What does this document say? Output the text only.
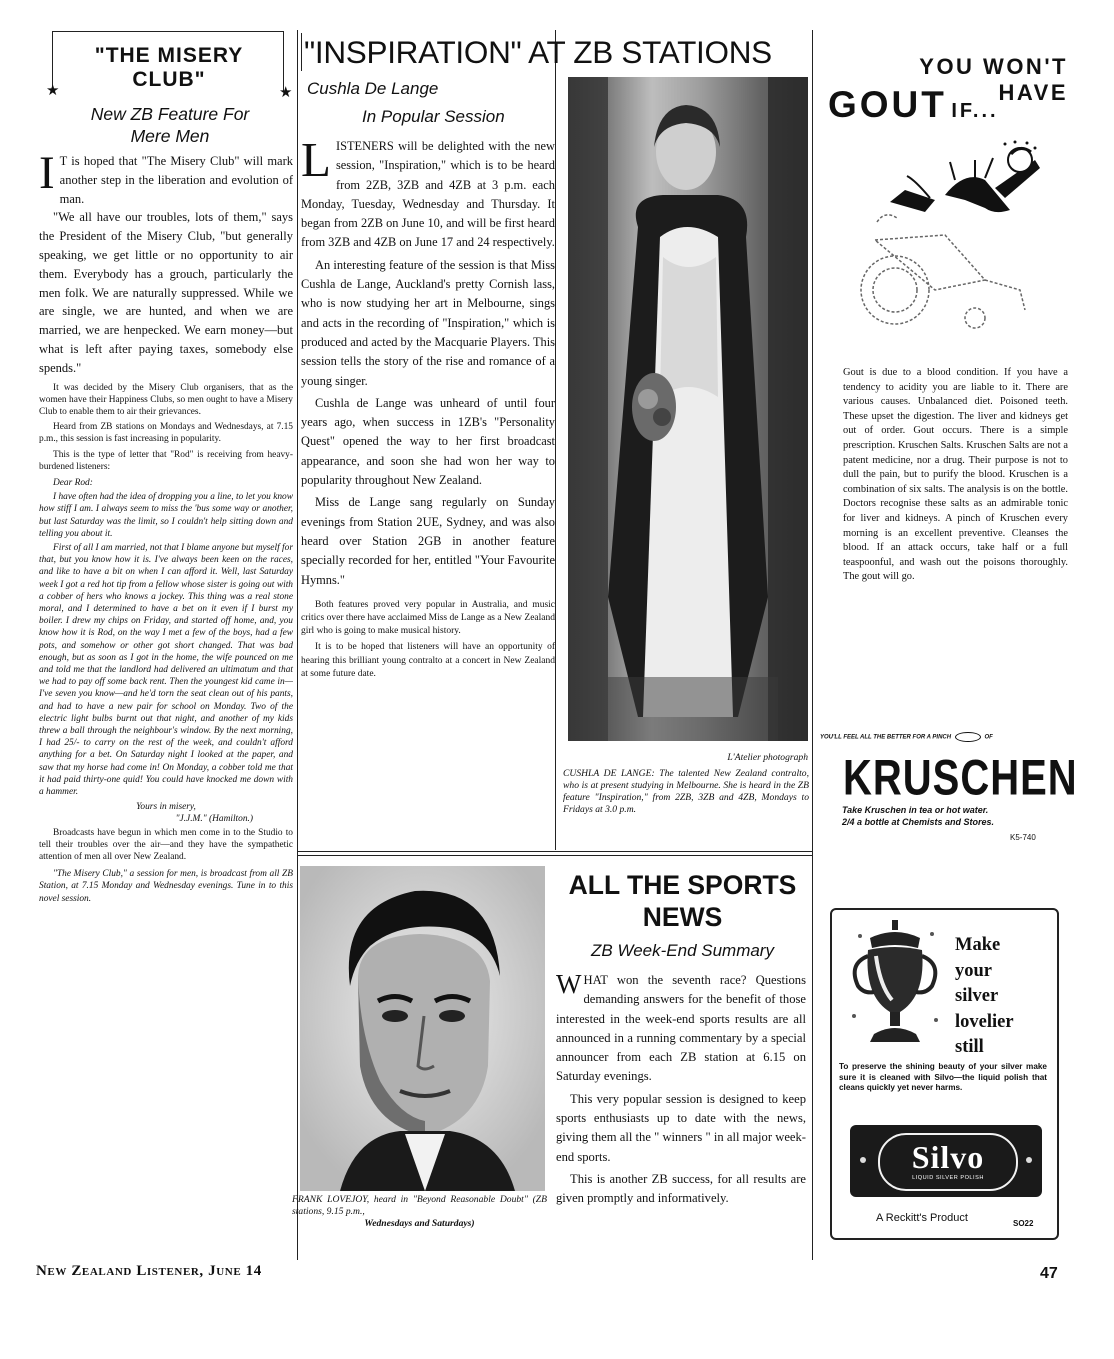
"THE MISERY
CLUB"
★	★
New ZB Feature For
Mere Men

I T is hoped that "The Misery Club" will mark another step in the liberation and evolution of man.

"We all have our troubles, lots of them," says the President of the Misery Club, "but generally speaking, we get little or no opportunity to air them. Everybody has a grouch, particularly the men folk. We are naturally suppressed. While we are single, we are hunted, and when we are married, we are henpecked. We earn money—but what is left after paying taxes, somebody else spends."

It was decided by the Misery Club organisers, that as the women have their Happiness Clubs, so men ought to have a Misery Club to enable them to air their grievances.

Heard from ZB stations on Mondays and Wednesdays, at 7.15 p.m., this session is fast increasing in popularity.

This is the type of letter that "Rod" is receiving from heavy-burdened listeners:

Dear Rod:

I have often had the idea of dropping you a line, to let you know how stiff I am. I always seem to miss the 'bus some way or another, but last Saturday was the limit, so I couldn't help sitting down and telling you about it.

First of all I am married, not that I blame anyone but myself for that, but you know how it is. I've always been keen on the races, and like to have a bit on when I can afford it. Well, last Saturday week I got a red hot tip from a fellow whose sister is going out with a cobber of hers who knows a jockey. This thing was a real stone moral, and I determined to have a bet on it even if I burst my boiler. I drew my chips on Friday, and started off home, and, you know how it is Rod, on the way I met a few of the boys, had a few pots, and somehow or other got short changed. That was bad enough, but as soon as I got in the home, the wife pounced on me and told me that the landlord had delivered an ultimatum and that we had to pay off some back rent. Then the youngest kid came in—I've seven you know—and he'd torn the seat clean out of his pants, and had to have a new pair for school on Monday. Two of the electric light bulbs burnt out that night, and another of my kids threw a ball through the neighbour's window. By the next morning, I had 25/- to carry on the rest of the week, and couldn't afford anything for a bet. On Saturday night I looked at the paper, and saw that my horse had come in! On Monday, a cobber told me that it had paid thirty-one quid! You could have knocked me down with a hammer.

Yours in misery,

"J.J.M." (Hamilton.)

Broadcasts have begun in which men come in to the Studio to tell their troubles over the air—and they have the sympathetic attention of men all over New Zealand.

"The Misery Club," a session for men, is broadcast from all ZB Station, at 7.15 Monday and Wednesday evenings. Tune in to this novel session.

"INSPIRATION" AT ZB STATIONS
Cushla De Lange
In Popular Session

LISTENERS will be delighted with the new session, "Inspiration," which is to be heard from 2ZB, 3ZB and 4ZB at 3 p.m. each Monday, Tuesday, Wednesday and Thursday. It began from 2ZB on June 10, and will be first heard from 3ZB and 4ZB on June 17 and 24 respectively.

An interesting feature of the session is that Miss Cushla de Lange, Auckland's pretty Cornish lass, who is now studying her art in Melbourne, sings and acts in the recording of "Inspiration," which is produced and acted by the Macquarie Players. This session tells the story of the rise and romance of a young singer.

Cushla de Lange was unheard of until four years ago, when success in 1ZB's "Personality Quest" opened the way to her first broadcast appearance, and soon she had won her way to popularity throughout New Zealand.

Miss de Lange sang regularly on Sunday evenings from Station 2UE, Sydney, and was also heard over Station 2GB in another feature specially recorded for her, entitled "Your Favourite Hymns."

Both features proved very popular in Australia, and music critics over there have acclaimed Miss de Lange as a New Zealand girl who is going to make musical history.

It is to be hoped that listeners will have an opportunity of hearing this brilliant young contralto at a concert in New Zealand at some future date.

L'Atelier photograph
CUSHLA DE LANGE: The talented New Zealand contralto, who is at present studying in Melbourne. She is heard in the ZB feature "Inspiration," from 2ZB, 3ZB and 4ZB, Mondays to Fridays at 3.0 p.m.
FRANK LOVEJOY, heard in "Beyond Reasonable Doubt" (ZB stations, 9.15 p.m.,
Wednesdays and Saturdays)
ALL THE SPORTS
NEWS
ZB Week-End Summary

WHAT won the seventh race? Questions demanding answers for the benefit of those interested in the week-end sports results are all announced in a running commentary by a special announcer from each ZB station at 6.15 on Saturday evenings.

This very popular session is designed to keep sports enthusiasts up to date with the news, giving them all the " winners " in all major week-end sports.

This is another ZB success, for all results are given promptly and informatively.

YOU WON'T HAVE
GOUT IF...
Gout is due to a blood condition. If you have a tendency to acidity you are liable to it. There are various causes. Unbalanced diet. Poisoned teeth. These upset the digestion. The liver and kidneys get out of order. Gout occurs. There is a simple prescription. Kruschen Salts. Kruschen Salts are not a patent medicine, nor a drug. Their purpose is not to dull the pain, but to purify the blood. Kruschen is a combination of six salts. The analysis is on the bottle. Doctors recognise these salts as an admirable tonic for liver and kidneys. A pinch of Kruschen every morning is an excellent preventive. Cleanses the blood. If an attack occurs, take half or a full teaspoonful, and wash out the poisons thoroughly. The gout will go.
YOU'LL FEEL ALL THE BETTER FOR A PINCH	OF
KRUSCHEN
Take Kruschen in tea or hot water.
2/4 a bottle at Chemists and Stores.
K5-740
Make
your
silver
lovelier
still
To preserve the shining beauty of your silver make sure it is cleaned with Silvo—the liquid polish that cleans quickly yet never harms.
Silvo
LIQUID SILVER POLISH
A Reckitt's Product	SO22
New Zealand Listener, June 14	47
